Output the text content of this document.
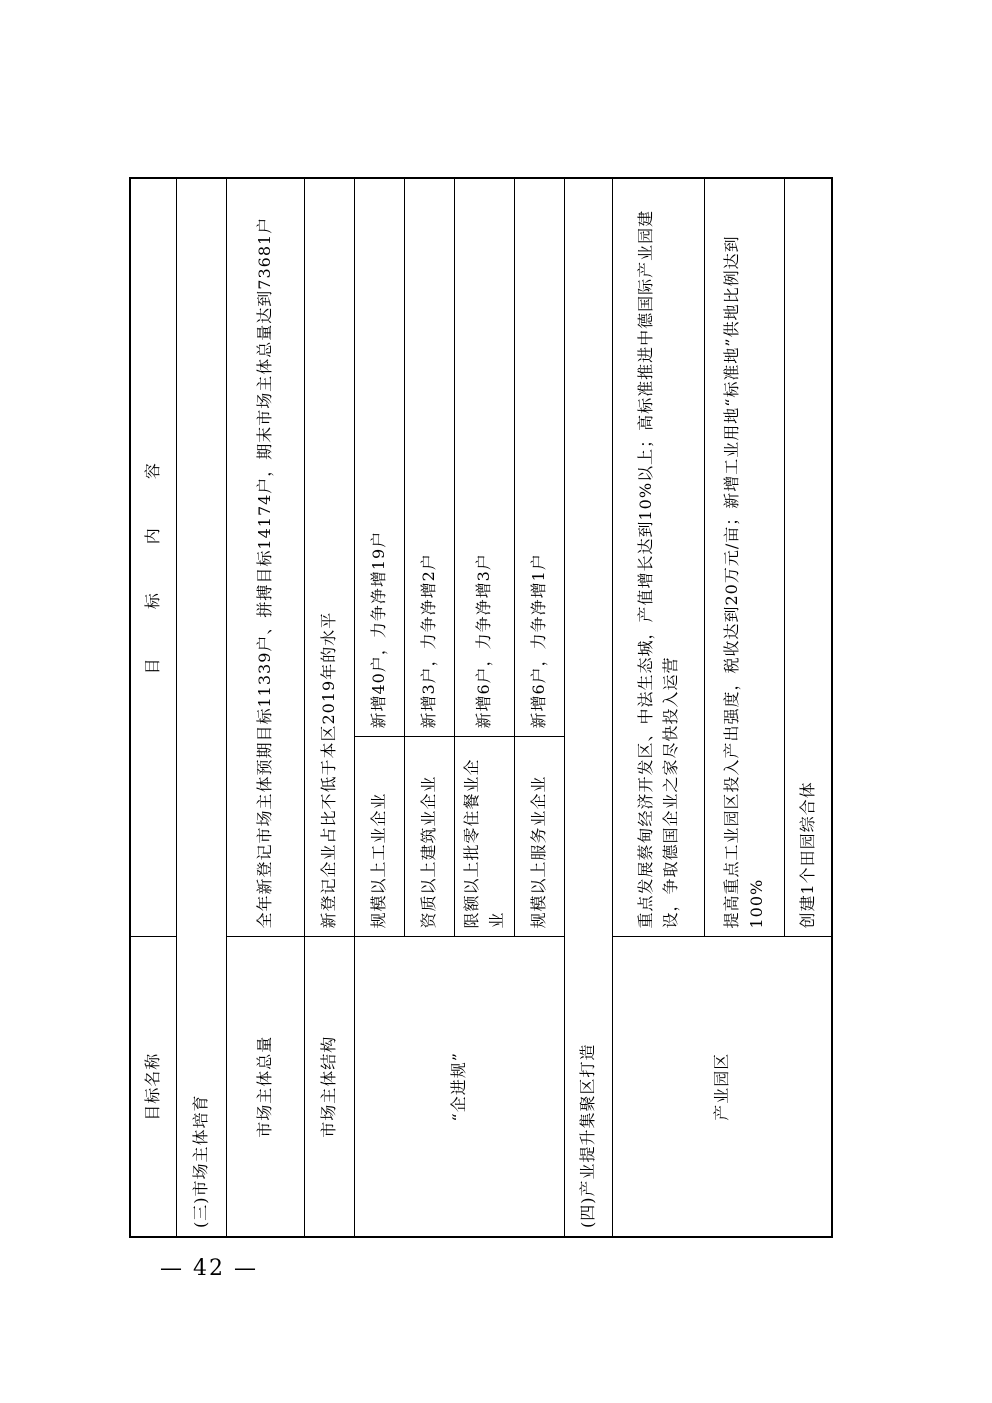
目标名称	目 标 内 容	
(三)市场主体培育		
市场主体总量	全年新登记市场主体预期目标11339户、拼搏目标14174户，期末市场主体总量达到73681户	
市场主体结构	新登记企业占比不低于本区2019年的水平	
“企进规”	规模以上工业企业	新增40户，力争净增19户
	资质以上建筑业企业	新增3户，力争净增2户
	限额以上批零住餐业企业	新增6户，力争净增3户
	规模以上服务业企业	新增6户，力争净增1户
(四)产业提升集聚区打造		
产业园区	重点发展蔡甸经济开发区、中法生态城，产值增长达到10%以上；高标准推进中德国际产业园建设，争取德国企业之家尽快投入运营	
	提高重点工业园区投入产出强度，税收达到20万元/亩；新增工业用地“标准地”供地比例达到100%	
	创建1个田园综合体	
— 42 —
